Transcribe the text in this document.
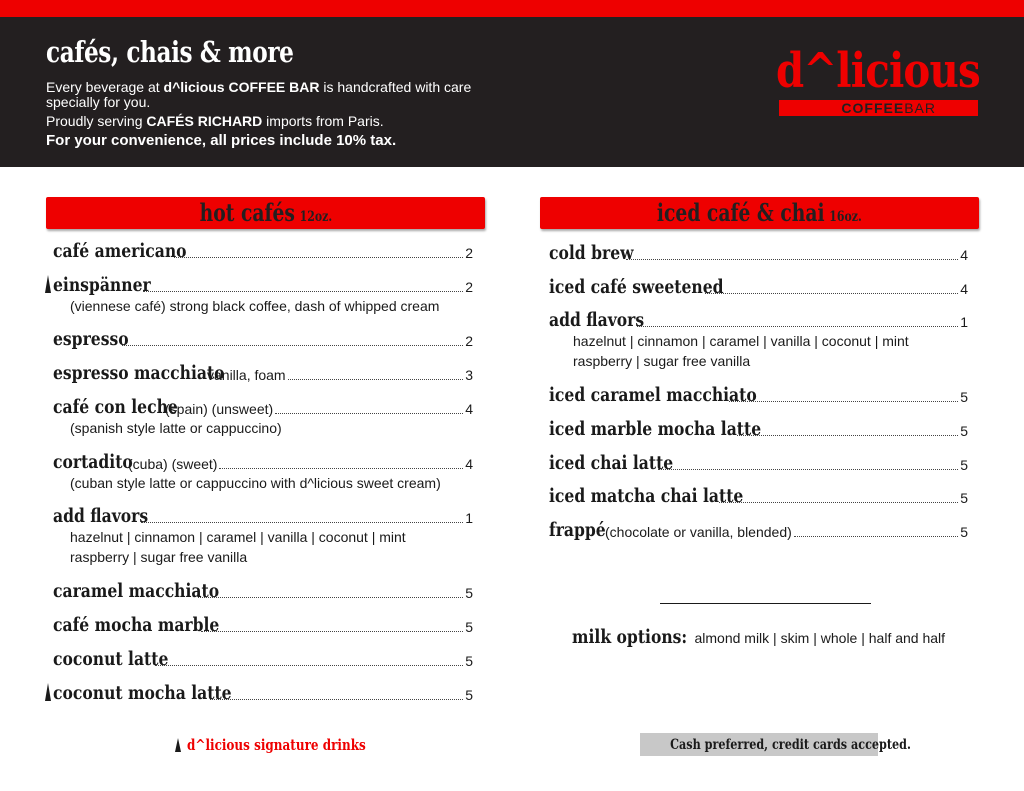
cafés, chais & more
Every beverage at d^licious COFFEE BAR is handcrafted with care
specially for you.
Proudly serving CAFÉS RICHARD imports from Paris.
For your convenience, all prices include 10% tax.
d^licious
COFFEEBAR
hot cafés 12oz.
café americano	2
einspänner	2
(viennese café) strong black coffee, dash of whipped cream
espresso	2
espresso macchiato
vanilla, foam	3
café con leche
(spain) (unsweet)	4
(spanish style latte or cappuccino)
cortadito
(cuba) (sweet)	4
(cuban style latte or cappuccino with d^licious sweet cream)
add flavors	1
hazelnut | cinnamon | caramel | vanilla | coconut | mint
raspberry | sugar free vanilla
caramel macchiato	5
café mocha marble	5
coconut latte	5
coconut mocha latte	5
d^licious signature drinks
iced café & chai 16oz.
cold brew	4
iced café sweetened	4
add flavors	1
hazelnut | cinnamon | caramel | vanilla | coconut | mint
raspberry | sugar free vanilla
iced caramel macchiato	5
iced marble mocha latte	5
iced chai latte	5
iced matcha chai latte	5
frappé (chocolate or vanilla, blended)	5
milk options: almond milk | skim | whole | half and half
Cash preferred, credit cards accepted.
